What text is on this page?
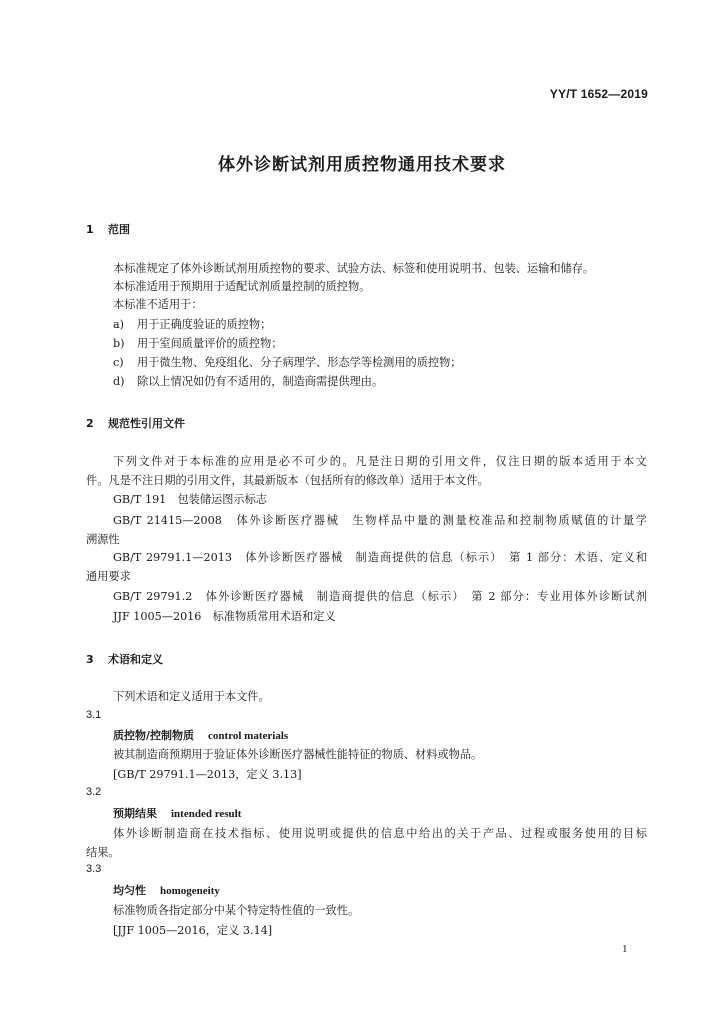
YY/T 1652—2019
体外诊断试剂用质控物通用技术要求
1 范围
本标准规定了体外诊断试剂用质控物的要求、试验方法、标签和使用说明书、包装、运输和储存。
本标准适用于预期用于适配试剂质量控制的质控物。
本标准不适用于：
a) 用于正确度验证的质控物；
b) 用于室间质量评价的质控物；
c) 用于微生物、免疫组化、分子病理学、形态学等检测用的质控物；
d) 除以上情况如仍有不适用的，制造商需提供理由。
2 规范性引用文件
下列文件对于本标准的应用是必不可少的。凡是注日期的引用文件，仅注日期的版本适用于本文
件。凡是不注日期的引用文件，其最新版本（包括所有的修改单）适用于本文件。
GB/T 191　包装储运图示标志
GB/T 21415—2008　体外诊断医疗器械　生物样品中量的测量校准品和控制物质赋值的计量学
溯源性
GB/T 29791.1—2013　体外诊断医疗器械　制造商提供的信息（标示）　第 1 部分：术语、定义和
通用要求
GB/T 29791.2　体外诊断医疗器械　制造商提供的信息（标示）　第 2 部分：专业用体外诊断试剂
JJF 1005—2016　标准物质常用术语和定义
3 术语和定义
下列术语和定义适用于本文件。
3.1
质控物/控制物质 control materials
被其制造商预期用于验证体外诊断医疗器械性能特征的物质、材料或物品。
[GB/T 29791.1—2013，定义 3.13]
3.2
预期结果 intended result
体外诊断制造商在技术指标、使用说明或提供的信息中给出的关于产品、过程或服务使用的目标
结果。
3.3
均匀性 homogeneity
标准物质各指定部分中某个特定特性值的一致性。
[JJF 1005—2016，定义 3.14]
1
